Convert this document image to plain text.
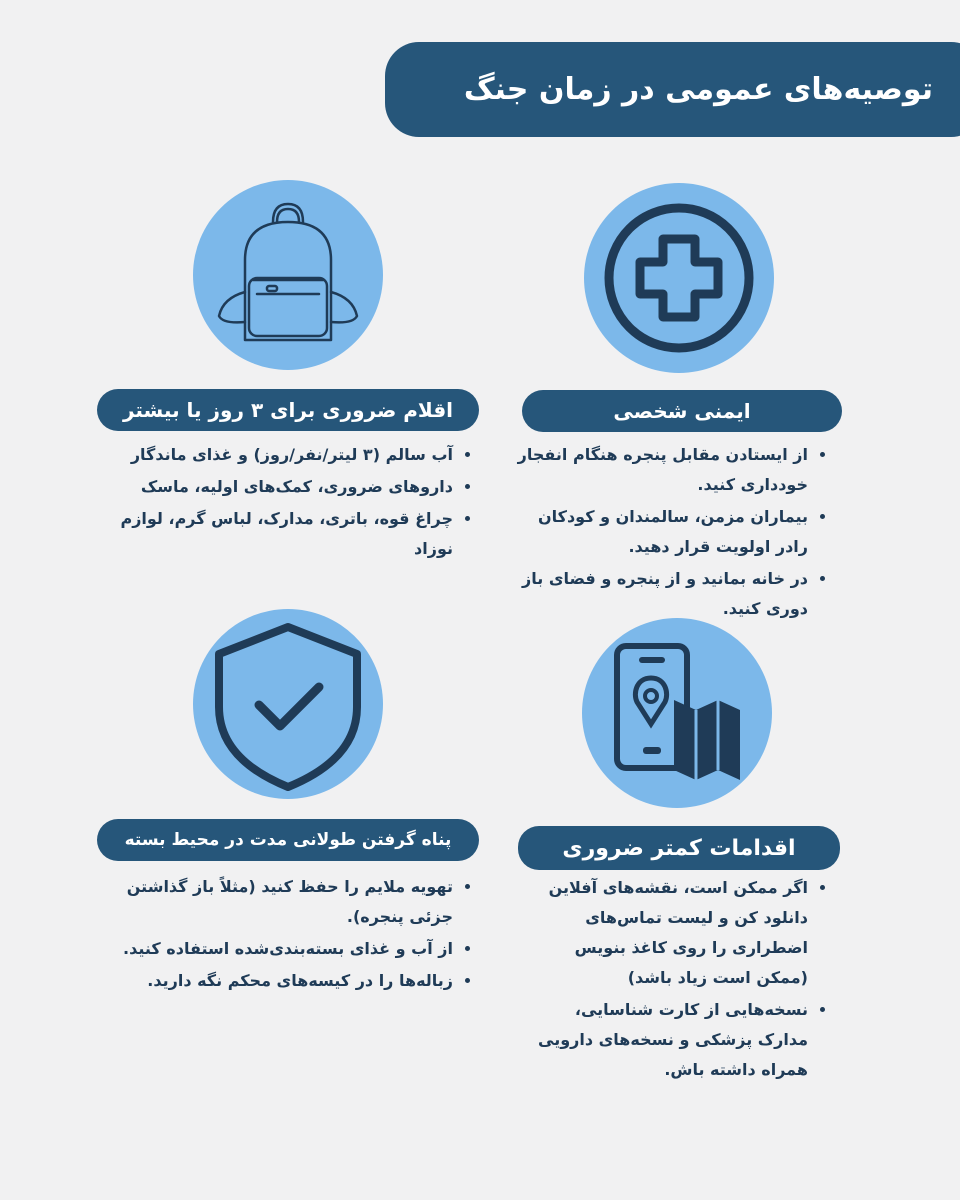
توصیه‌های عمومی در زمان جنگ
ایمنی شخصی
• از ایستادن مقابل پنجره هنگام انفجار خودداری کنید.
• بیماران مزمن، سالمندان و کودکان رادر اولویت قرار دهید.
• در خانه بمانید و از پنجره و فضای باز دوری کنید.
اقلام ضروری برای ۳ روز یا بیشتر
• آب سالم (۳ لیتر/نفر/روز) و غذای ماندگار
• داروهای ضروری، کمک‌های اولیه، ماسک
• چراغ قوه، باتری، مدارک، لباس گرم، لوازم نوزاد
اقدامات کمتر ضروری
• اگر ممکن است، نقشه‌های آفلاین دانلود کن و لیست تماس‌های اضطراری را روی کاغذ بنویس (ممکن است زیاد باشد)
• نسخه‌هایی از کارت شناسایی، مدارک پزشکی و نسخه‌های دارویی همراه داشته باش.
پناه گرفتن طولانی مدت در محیط بسته
• تهویه ملایم را حفظ کنید (مثلاً باز گذاشتن جزئی پنجره).
• از آب و غذای بسته‌بندی‌شده استفاده کنید.
• زباله‌ها را در کیسه‌های محکم نگه دارید.
